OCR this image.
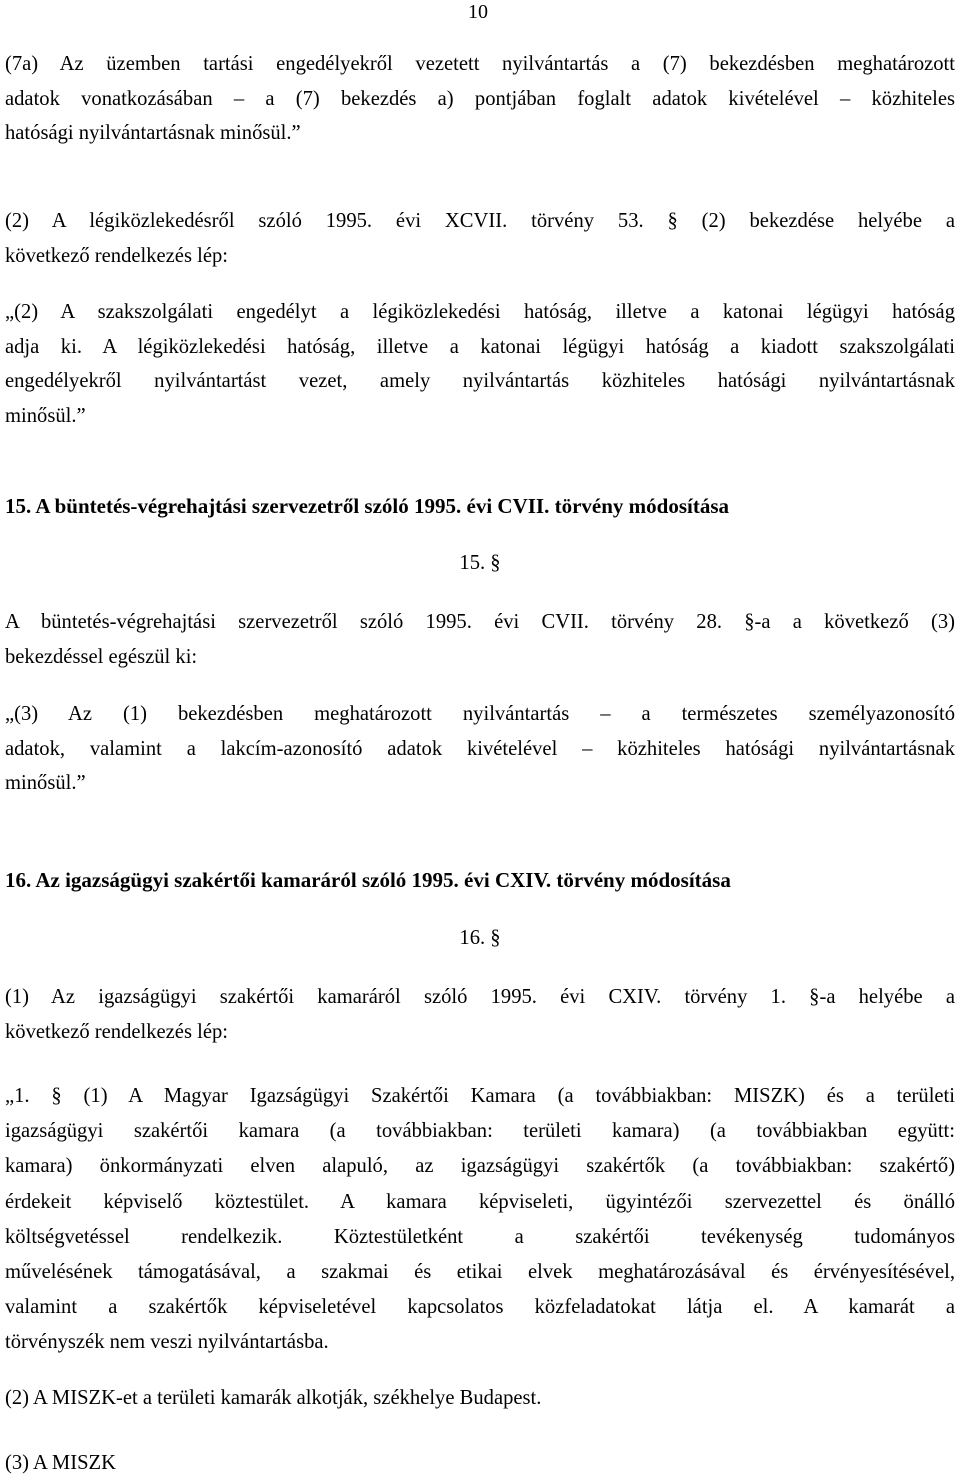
10
(7a) Az üzemben tartási engedélyekről vezetett nyilvántartás a (7) bekezdésben meghatározott
adatok vonatkozásában – a (7) bekezdés a) pontjában foglalt adatok kivételével – közhiteles
hatósági nyilvántartásnak minősül.”
(2) A légiközlekedésről szóló 1995. évi XCVII. törvény 53. § (2) bekezdése helyébe a
következő rendelkezés lép:
„(2) A szakszolgálati engedélyt a légiközlekedési hatóság, illetve a katonai légügyi hatóság
adja ki. A légiközlekedési hatóság, illetve a katonai légügyi hatóság a kiadott szakszolgálati
engedélyekről nyilvántartást vezet, amely nyilvántartás közhiteles hatósági nyilvántartásnak
minősül.”
15. A büntetés-végrehajtási szervezetről szóló 1995. évi CVII. törvény módosítása
15. §
A büntetés-végrehajtási szervezetről szóló 1995. évi CVII. törvény 28. §-a a következő (3)
bekezdéssel egészül ki:
„(3) Az (1) bekezdésben meghatározott nyilvántartás – a természetes személyazonosító
adatok, valamint a lakcím-azonosító adatok kivételével – közhiteles hatósági nyilvántartásnak
minősül.”
16. Az igazságügyi szakértői kamaráról szóló 1995. évi CXIV. törvény módosítása
16. §
(1) Az igazságügyi szakértői kamaráról szóló 1995. évi CXIV. törvény 1. §-a helyébe a
következő rendelkezés lép:
„1. § (1) A Magyar Igazságügyi Szakértői Kamara (a továbbiakban: MISZK) és a területi
igazságügyi szakértői kamara (a továbbiakban: területi kamara) (a továbbiakban együtt:
kamara) önkormányzati elven alapuló, az igazságügyi szakértők (a továbbiakban: szakértő)
érdekeit képviselő köztestület. A kamara képviseleti, ügyintézői szervezettel és önálló
költségvetéssel rendelkezik. Köztestületként a szakértői tevékenység tudományos
művelésének támogatásával, a szakmai és etikai elvek meghatározásával és érvényesítésével,
valamint a szakértők képviseletével kapcsolatos közfeladatokat látja el. A kamarát a
törvényszék nem veszi nyilvántartásba.
(2) A MISZK-et a területi kamarák alkotják, székhelye Budapest.
(3) A MISZK
